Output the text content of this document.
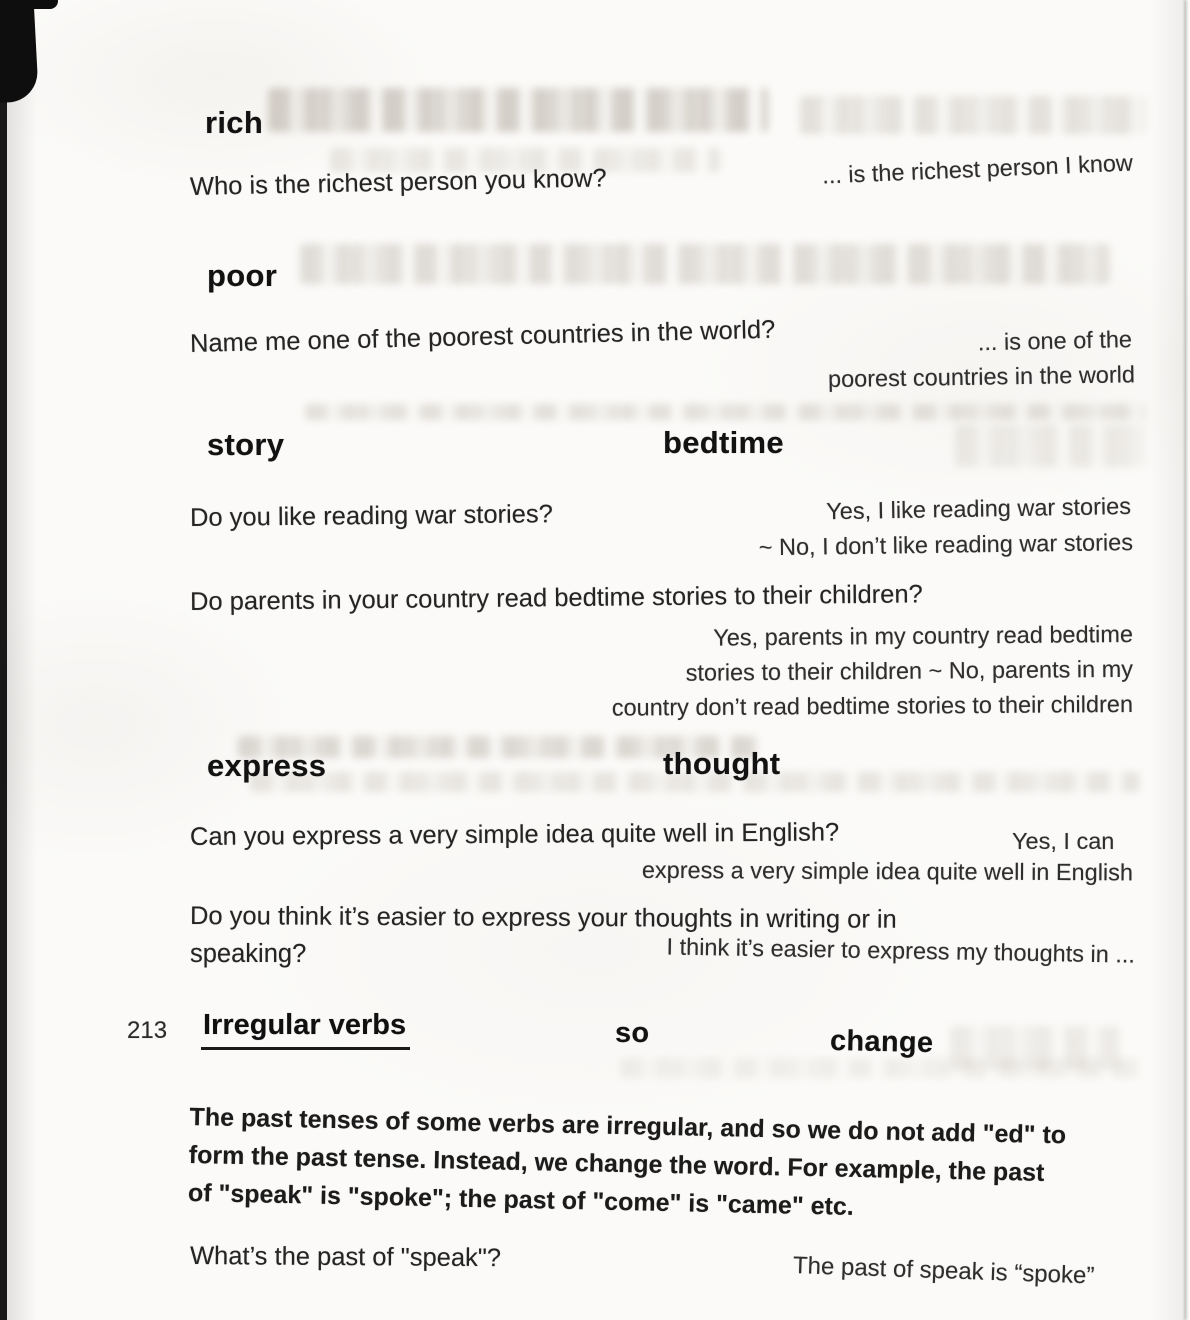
rich
Who is the richest person you know?	... is the richest person I know
poor
Name me one of the poorest countries in the world?	... is one of the
poorest countries in the world
story	bedtime
Do you like reading war stories?	Yes, I like reading war stories
~ No, I don’t like reading war stories
Do parents in your country read bedtime stories to their children?
Yes, parents in my country read bedtime
stories to their children ~ No, parents in my
country don’t read bedtime stories to their children
express	thought
Can you express a very simple idea quite well in English?	Yes, I can
express a very simple idea quite well in English
Do you think it’s easier to express your thoughts in writing or in
speaking?	I think it’s easier to express my thoughts in ...
213 Irregular verbs	so	change
The past tenses of some verbs are irregular, and so we do not add "ed" to
form the past tense. Instead, we change the word. For example, the past
of "speak" is "spoke"; the past of "come" is "came" etc.
What’s the past of "speak"?	The past of speak is “spoke”
